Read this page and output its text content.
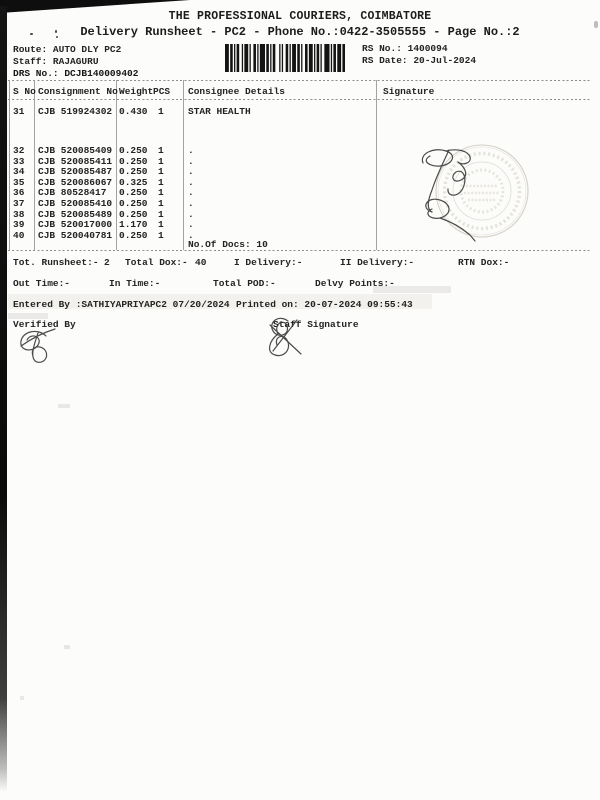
THE PROFESSIONAL COURIERS, COIMBATORE
Delivery Runsheet - PC2 - Phone No.:0422-3505555 - Page No.:2
Route: AUTO DLY PC2
Staff: RAJAGURU
DRS No.: DCJB140009402
RS No.: 1400094
RS Date: 20-Jul-2024
S No Consignment No Weight PCS Consignee Details	Signature
31 CJB 519924302 0.430 1	STAR HEALTH
32 CJB 520085409 0.250 1	.
33 CJB 520085411 0.250 1	.
34 CJB 520085487 0.250 1	.
35 CJB 520086067 0.325 1	.
36 CJB 80528417 0.250 1	.
37 CJB 520085410 0.250 1	.
38 CJB 520085489 0.250 1	.
39 CJB 520017000 1.170 1	.
40 CJB 520040781 0.250 1	.
No.Of Docs: 10
Tot. Runsheet:- 2 Total Dox:- 40	I Delivery:-	II Delivery:-	RTN Dox:-
Out Time:-	In Time:-	Total POD:-	Delvy Points:-
Entered By :SATHIYAPRIYAPC2 07/20/2024 Printed on: 20-07-2024 09:55:43
Verified By	Staff Signature
